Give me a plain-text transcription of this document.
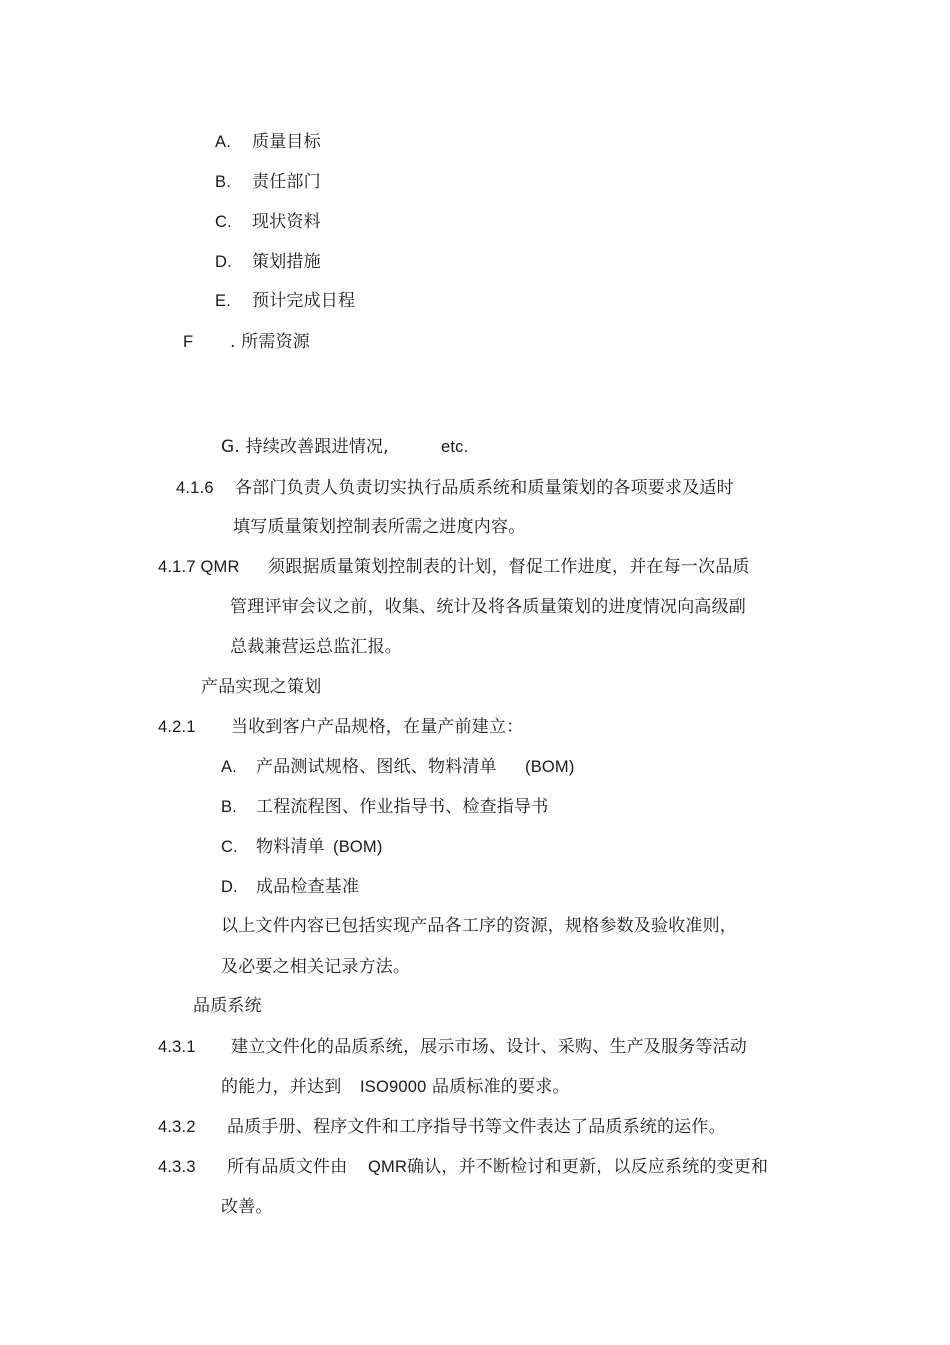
A. 质量目标
B. 责任部门
C. 现状资料
D. 策划措施
E. 预计完成日程
F . 所需资源
G. 持续改善跟进情况,	etc.
4.1.6 各部门负责人负责切实执行品质系统和质量策划的各项要求及适时
填写质量策划控制表所需之进度内容。
4.1.7 QMR 须跟据质量策划控制表的计划，督促工作进度，并在每一次品质
管理评审会议之前，收集、统计及将各质量策划的进度情况向高级副
总裁兼营运总监汇报。
产品实现之策划
4.2.1 当收到客户产品规格，在量产前建立：
A. 产品测试规格、图纸、物料清单 (BOM)
B. 工程流程图、作业指导书、检查指导书
C. 物料清单 (BOM)
D. 成品检查基准
以上文件内容已包括实现产品各工序的资源，规格参数及验收准则，
及必要之相关记录方法。
品质系统
4.3.1 建立文件化的品质系统，展示市场、设计、采购、生产及服务等活动
的能力，并达到 ISO9000 品质标准的要求。
4.3.2 品质手册、程序文件和工序指导书等文件表达了品质系统的运作。
4.3.3 所有品质文件由 QMR 确认，并不断检讨和更新，以反应系统的变更和
改善。
